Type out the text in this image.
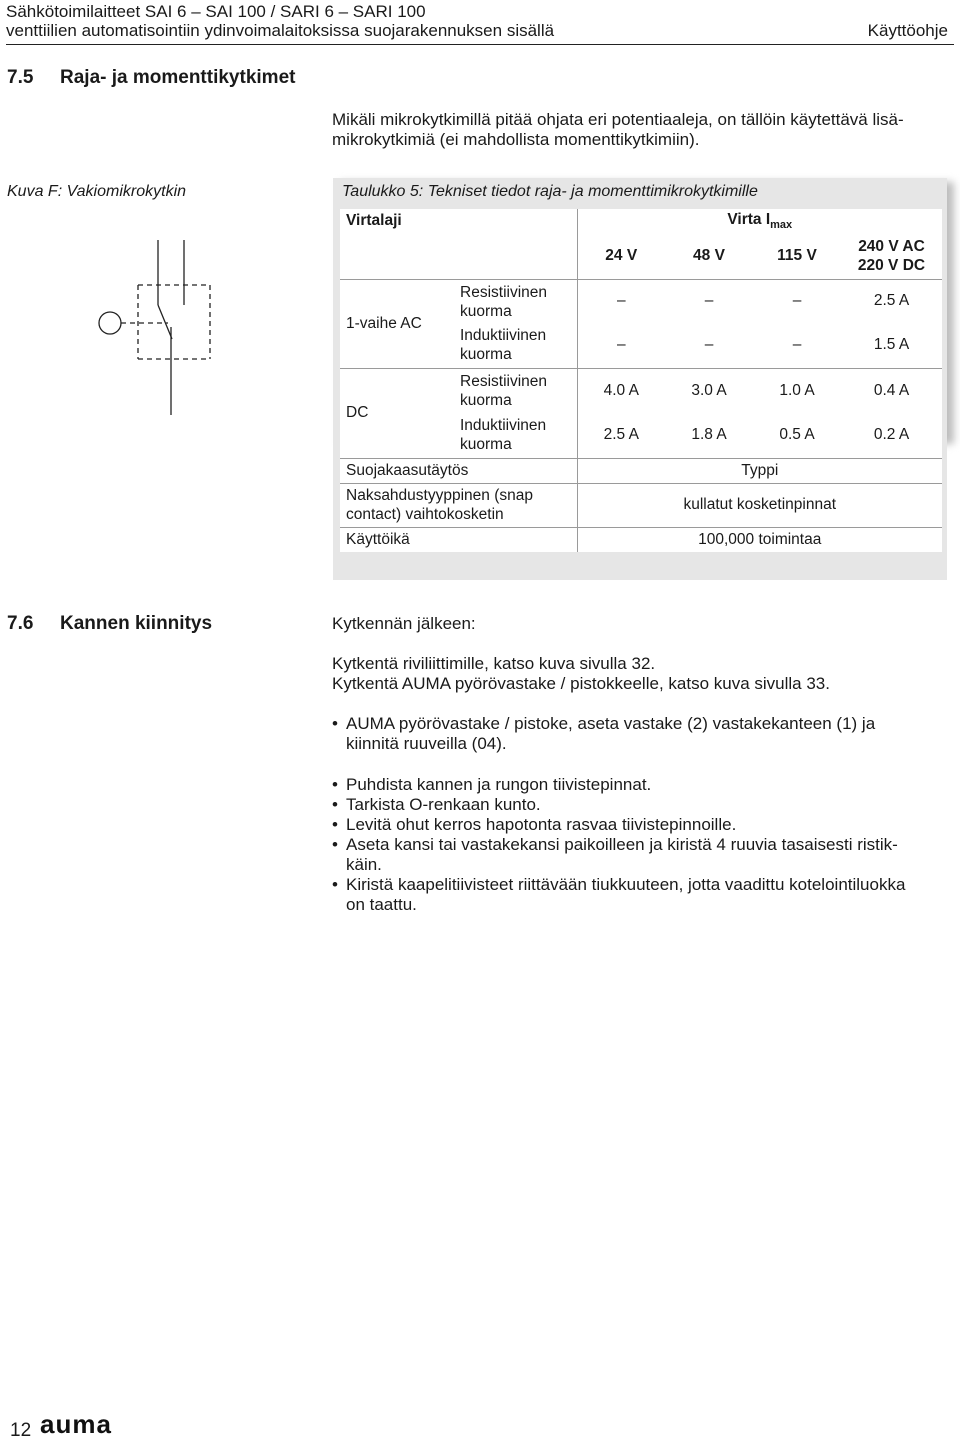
Sähkötoimilaitteet SAI 6 – SAI 100 / SARI 6 – SARI 100
venttiilien automatisointiin ydinvoimalaitoksissa suojarakennuksen sisällä	Käyttöohje
7.5 Raja- ja momenttikytkimet
Mikäli mikrokytkimillä pitää ohjata eri potentiaaleja, on tällöin käytettävä lisä-
mikrokytkimiä (ei mahdollista momenttikytkimiin).
Kuva F: Vakiomikrokytkin	Taulukko 5: Tekniset tiedot raja- ja momenttimikrokytkimille
Virtalaji		Virta $I_{max}$
		24 V	48 V	115 V	240 V AC
220 V DC

1-vaihe AC	Resistiivinen
kuorma	–	–	–	2.5 A

	Induktiivinen
kuorma	–	–	–	1.5 A
DC	Resistiivinen
kuorma	4.0 A	3.0 A	1.0 A	0.4 A

	Induktiivinen
kuorma	2.5 A	1.8 A	0.5 A	0.2 A
Suojakaasutäytös		Typpi			

Naksahdustyyppinen (snap
contact) vaihtokosketin		kullatut kosketinpinnat			
Käyttöikä		100,000 toimintaa			
7.6 Kannen kiinnitys	Kytkennän jälkeen:
Kytkentä riviliittimille, katso kuva sivulla 32.
Kytkentä AUMA pyörövastake / pistokkeelle, katso kuva sivulla 33.
• AUMA pyörövastake / pistoke, aseta vastake (2) vastakekanteen (1) ja
kiinnitä ruuveilla (04).
• Puhdista kannen ja rungon tiivistepinnat.
• Tarkista O-renkaan kunto.
• Levitä ohut kerros hapotonta rasvaa tiivistepinnoille.
• Aseta kansi tai vastakekansi paikoilleen ja kiristä 4 ruuvia tasaisesti ristik-
käin.
• Kiristä kaapelitiivisteet riittävään tiukkuuteen, jotta vaadittu kotelointiluokka
on taattu.
12 auma
